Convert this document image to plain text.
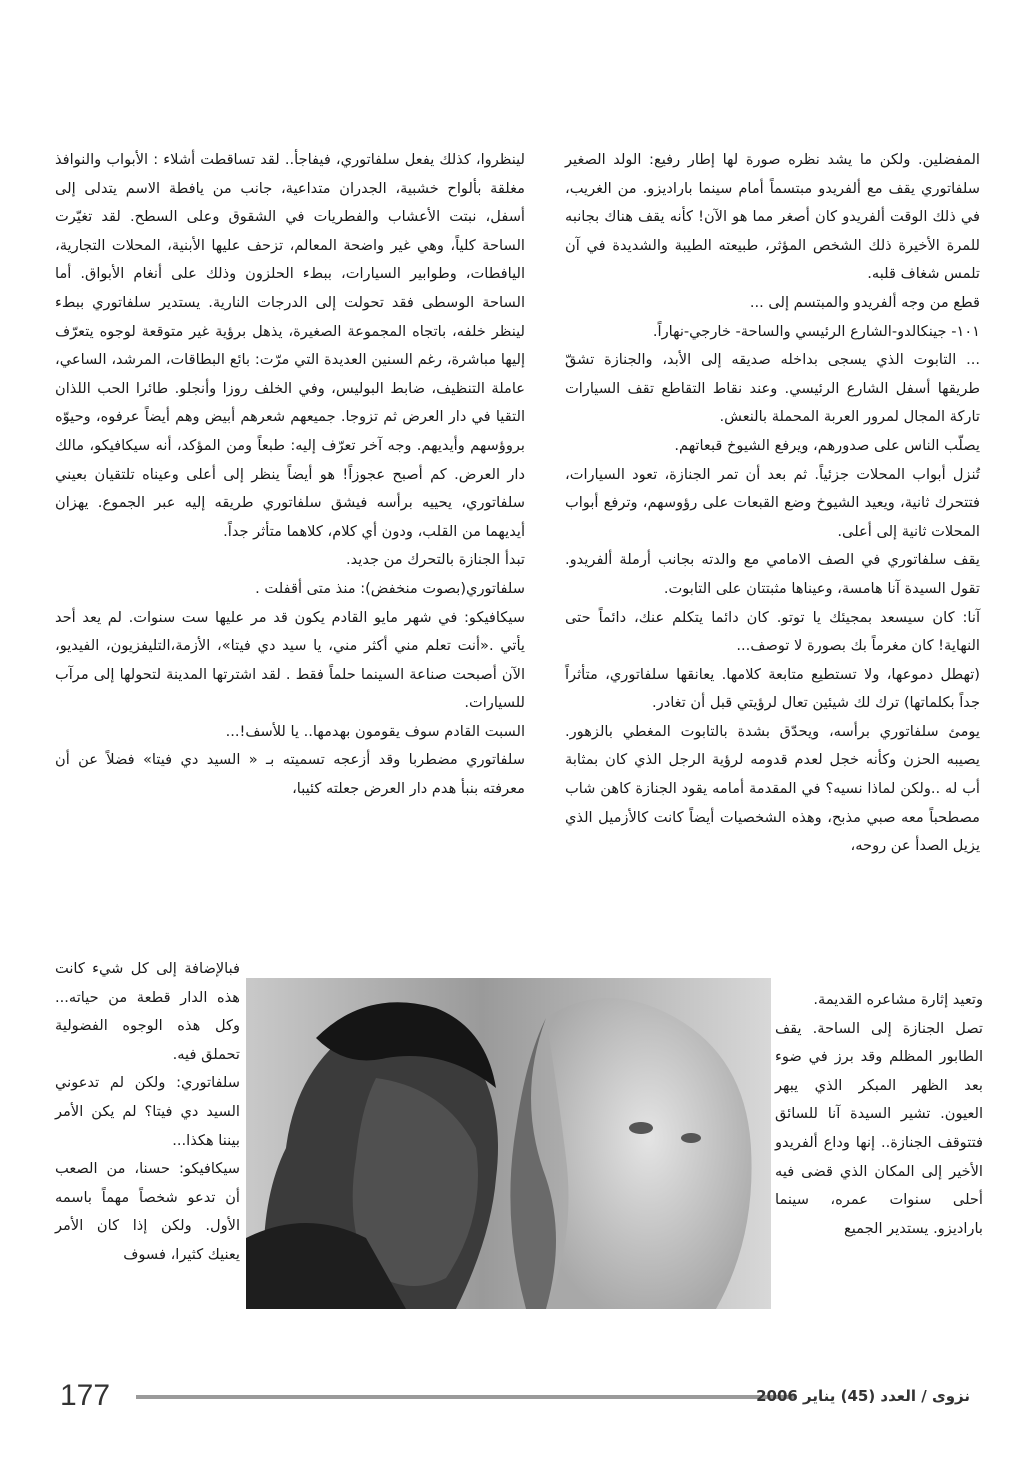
المفضلين. ولكن ما يشد نظره صورة لها إطار رفيع: الولد الصغير سلفاتوري يقف مع ألفريدو مبتسماً أمام سينما باراديزو. من الغريب، في ذلك الوقت ألفريدو كان أصغر مما هو الآن! كأنه يقف هناك بجانبه للمرة الأخيرة ذلك الشخص المؤثر، طبيعته الطيبة والشديدة في آن تلمس شغاف قلبه.

قطع من وجه ألفريدو والمبتسم إلى ...

١٠١- جينكالدو-الشارع الرئيسي والساحة- خارجي-نهاراً.

... التابوت الذي يسجى بداخله صديقه إلى الأبد، والجنازة تشقّ طريقها أسفل الشارع الرئيسي. وعند نقاط التقاطع تقف السيارات تاركة المجال لمرور العربة المحملة بالنعش.

يصلّب الناس على صدورهم، ويرفع الشيوخ قبعاتهم.

تُنزل أبواب المحلات جزئياً. ثم بعد أن تمر الجنازة، تعود السيارات، فتتحرك ثانية، ويعيد الشيوخ وضع القبعات على رؤوسهم، وترفع أبواب المحلات ثانية إلى أعلى.

يقف سلفاتوري في الصف الامامي مع والدته بجانب أرملة ألفريدو. تقول السيدة آنا هامسة، وعيناها مثبتتان على التابوت.

آنا: كان سيسعد بمجيئك يا توتو. كان دائما يتكلم عنك، دائماً حتى النهاية! كان مغرماً بك بصورة لا توصف...

(تهطل دموعها، ولا تستطيع متابعة كلامها. يعانقها سلفاتوري، متأثراً جداً بكلماتها) ترك لك شيئين تعال لرؤيتي قبل أن تغادر.

يومئ سلفاتوري برأسه، ويحدّق بشدة بالتابوت المغطي بالزهور. يصيبه الحزن وكأنه خجل لعدم قدومه لرؤية الرجل الذي كان بمثابة أب له ..ولكن لماذا نسيه؟ في المقدمة أمامه يقود الجنازة كاهن شاب مصطحباً معه صبي مذبح، وهذه الشخصيات أيضاً كانت كالأزميل الذي يزيل الصدأ عن روحه،

وتعيد إثارة مشاعره القديمة.

تصل الجنازة إلى الساحة. يقف الطابور المظلم وقد برز في ضوء بعد الظهر المبكر الذي يبهر العيون. تشير السيدة آنا للسائق فتتوقف الجنازة.. إنها وداع ألفريدو الأخير إلى المكان الذي قضى فيه أحلى سنوات عمره، سينما باراديزو. يستدير الجميع

لينظروا، كذلك يفعل سلفاتوري، فيفاجأ.. لقد تساقطت أشلاء : الأبواب والنوافذ مغلقة بألواح خشبية، الجدران متداعية، جانب من يافطة الاسم يتدلى إلى أسفل، نبتت الأعشاب والفطريات في الشقوق وعلى السطح. لقد تغيّرت الساحة كلياً، وهي غير واضحة المعالم، تزحف عليها الأبنية، المحلات التجارية، اليافطات، وطوابير السيارات، ببطء الحلزون وذلك على أنغام الأبواق. أما الساحة الوسطى فقد تحولت إلى الدرجات النارية. يستدير سلفاتوري ببطء لينظر خلفه، باتجاه المجموعة الصغيرة، يذهل برؤية غير متوقعة لوجوه يتعرّف إليها مباشرة، رغم السنين العديدة التي مرّت: بائع البطاقات، المرشد، الساعي، عاملة التنظيف، ضابط البوليس، وفي الخلف روزا وأنجلو. طائرا الحب اللذان التقيا في دار العرض ثم تزوجا. جميعهم شعرهم أبيض وهم أيضاً عرفوه، وحيوّه بروؤسهم وأيديهم. وجه آخر تعرّف إليه: طبعاً ومن المؤكد، أنه سيكافيكو، مالك دار العرض. كم أصبح عجوزاً! هو أيضاً ينظر إلى أعلى وعيناه تلتقيان بعيني سلفاتوري، يحييه برأسه فيشق سلفاتوري طريقه إليه عبر الجموع. يهزان أيديهما من القلب، ودون أي كلام، كلاهما متأثر جداً.

تبدأ الجنازة بالتحرك من جديد.

سلفاتوري(بصوت منخفض): منذ متى أقفلت .

سيكافيكو: في شهر مايو القادم يكون قد مر عليها ست سنوات. لم يعد أحد يأتي .«أنت تعلم مني أكثر مني، يا سيد دي فيتا»، الأزمة،التليفزيون، الفيديو، الآن أصبحت صناعة السينما حلماً فقط . لقد اشترتها المدينة لتحولها إلى مرآب للسيارات.

السبت القادم سوف يقومون بهدمها.. يا للأسف!...

سلفاتوري مضطربا وقد أزعجه تسميته بـ « السيد دي فيتا» فضلاً عن أن معرفته بنبأ هدم دار العرض جعلته كئيبا،

فبالإضافة إلى كل شيء كانت هذه الدار قطعة من حياته... وكل هذه الوجوه الفضولية تحملق فيه.

سلفاتوري: ولكن لم تدعوني السيد دي فيتا؟ لم يكن الأمر بيننا هكذا...

سيكافيكو: حسنا، من الصعب أن تدعو شخصاً مهماً باسمه الأول. ولكن إذا كان الأمر يعنيك كثيرا، فسوف

177	نزوى / العدد (45) يناير 2006
